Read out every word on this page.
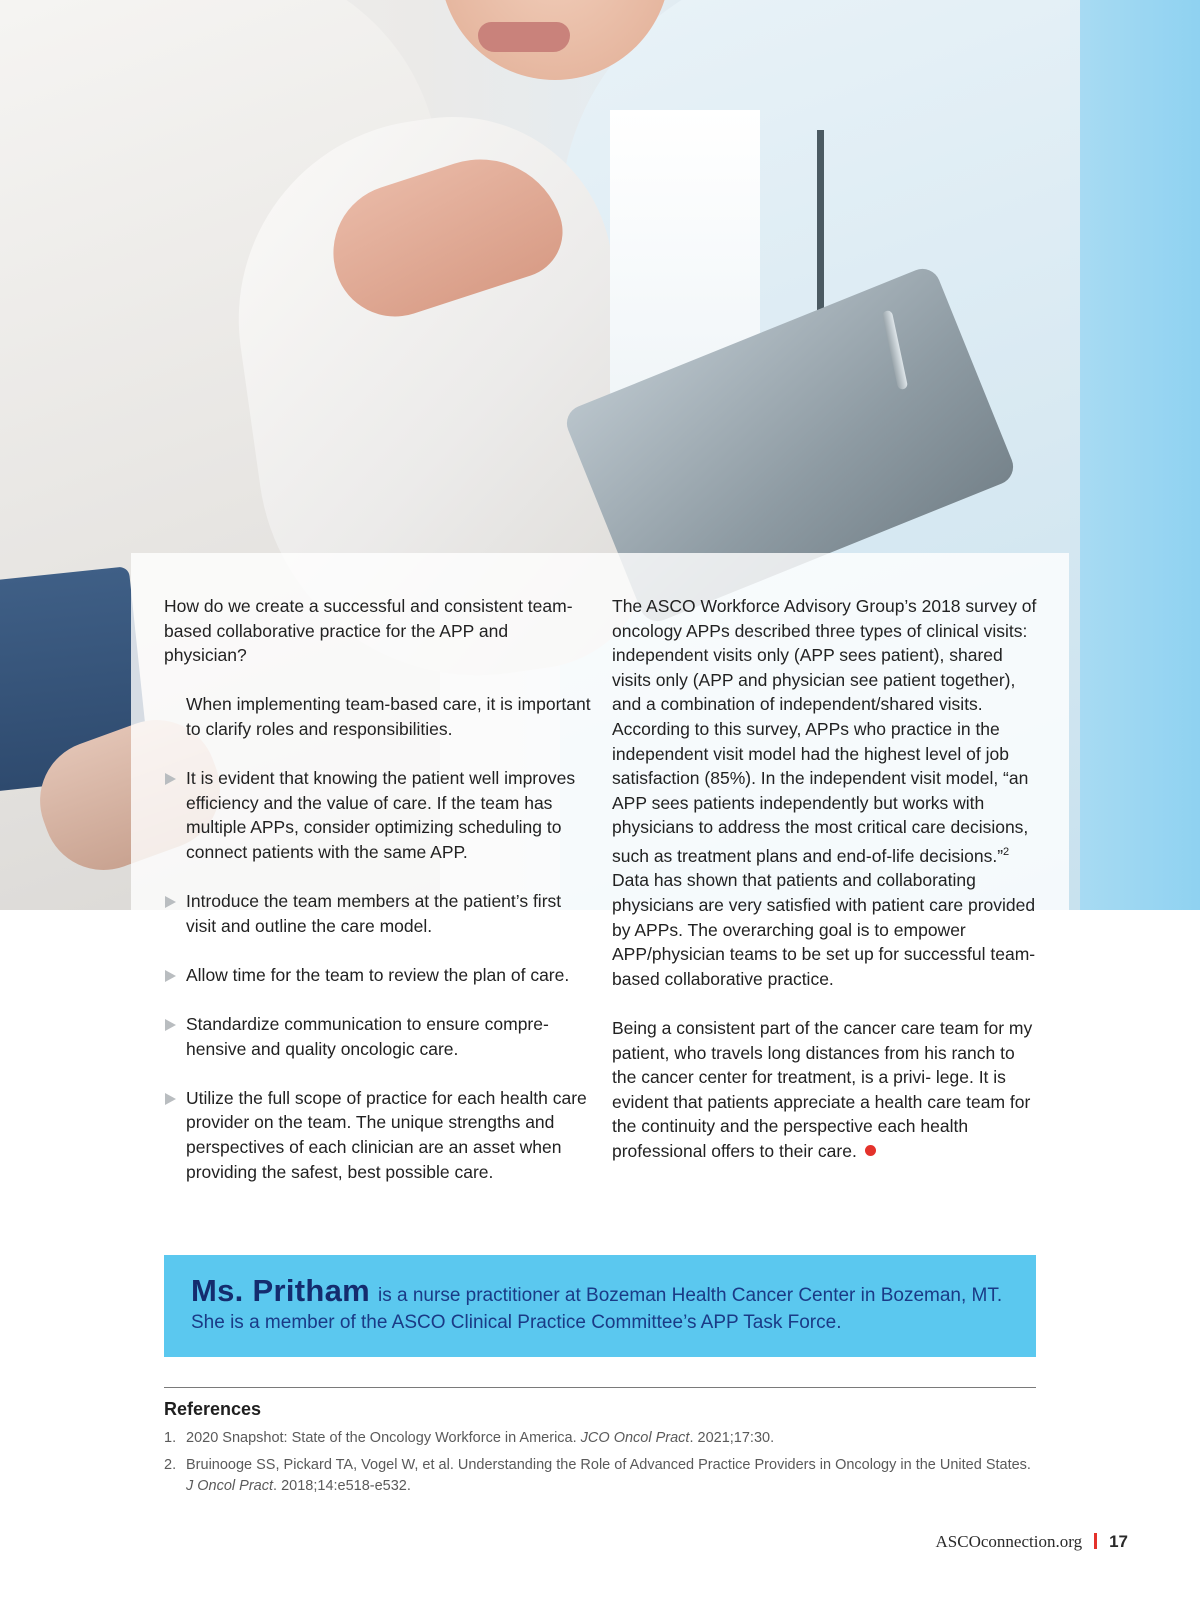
How do we create a successful and consistent team-based collaborative practice for the APP and physician?

When implementing team-based care, it is important to clarify roles and responsibilities.
It is evident that knowing the patient well improves efficiency and the value of care. If the team has multiple APPs, consider optimizing scheduling to connect patients with the same APP.
Introduce the team members at the patient’s first visit and outline the care model.
Allow time for the team to review the plan of care.
Standardize communication to ensure compre- hensive and quality oncologic care.
Utilize the full scope of practice for each health care provider on the team. The unique strengths and perspectives of each clinician are an asset when providing the safest, best possible care.

The ASCO Workforce Advisory Group’s 2018 survey of oncology APPs described three types of clinical visits: independent visits only (APP sees patient), shared visits only (APP and physician see patient together), and a combination of independent/shared visits. According to this survey, APPs who practice in the independent visit model had the highest level of job satisfaction (85%). In the independent visit model, “an APP sees patients independently but works with physicians to address the most critical care decisions, such as treatment plans and end-of-life decisions.”$^2$ Data has shown that patients and collaborating physicians are very satisfied with patient care provided by APPs. The overarching goal is to empower APP/physician teams to be set up for successful team-based collaborative practice.

Being a consistent part of the cancer care team for my patient, who travels long distances from his ranch to the cancer center for treatment, is a privi- lege. It is evident that patients appreciate a health care team for the continuity and the perspective each health professional offers to their care.

Ms. Pritham is a nurse practitioner at Bozeman Health Cancer Center in Bozeman, MT. She is a member of the ASCO Clinical Practice Committee’s APP Task Force.
References
1. 2020 Snapshot: State of the Oncology Workforce in America. JCO Oncol Pract. 2021;17:30.
2. Bruinooge SS, Pickard TA, Vogel W, et al. Understanding the Role of Advanced Practice Providers in Oncology in the United States. J Oncol Pract. 2018;14:e518-e532.
ASCOconnection.org 17
